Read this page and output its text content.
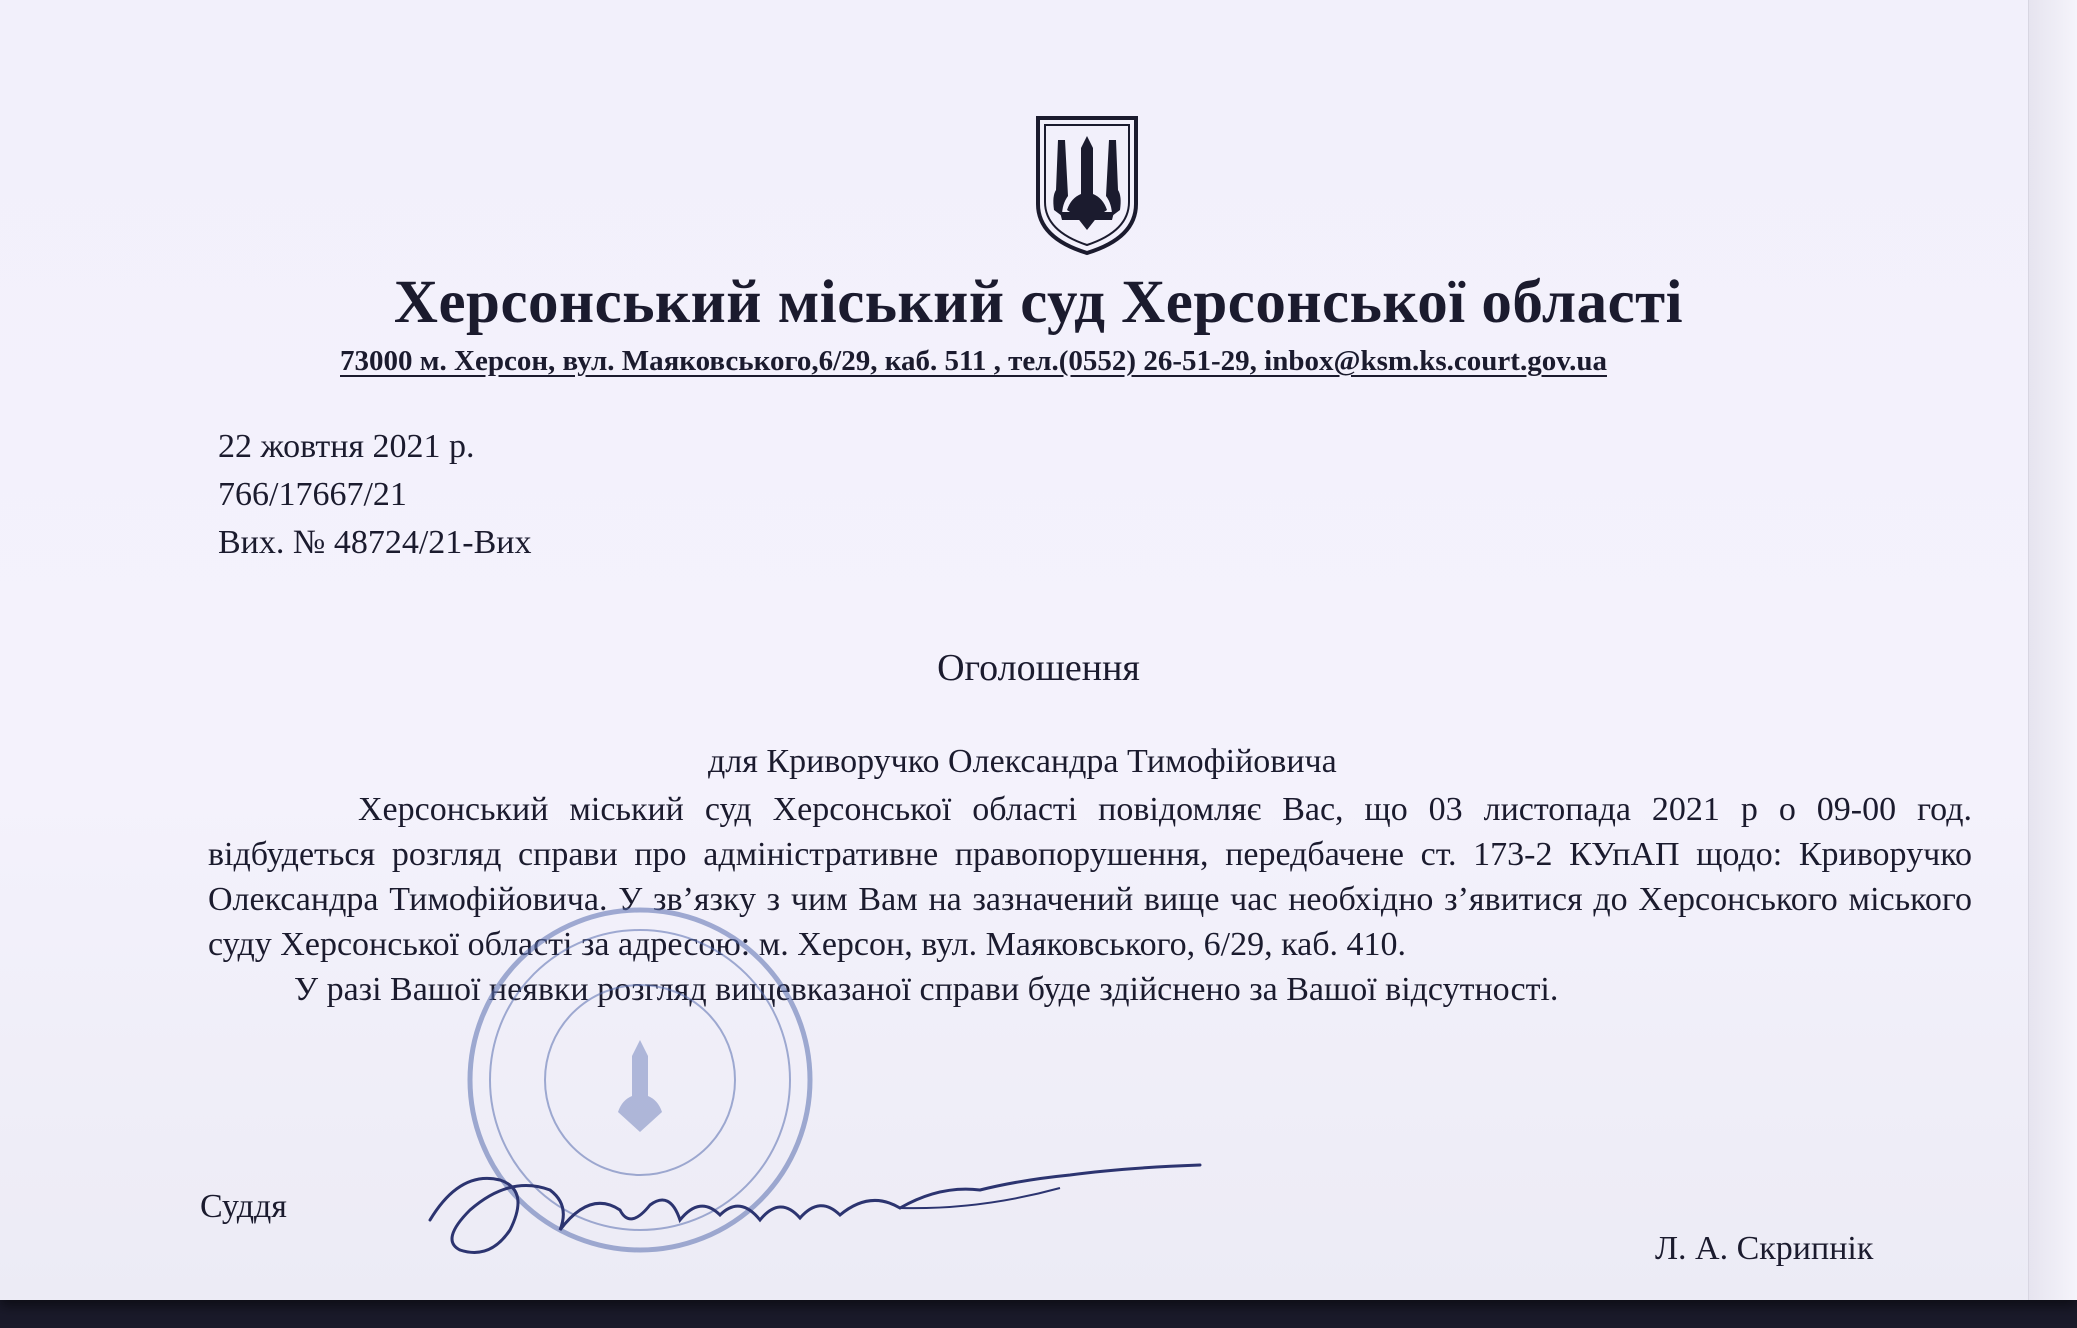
Херсонський міський суд Херсонської області
73000 м. Херсон, вул. Маяковського,6/29, каб. 511 , тел.(0552) 26-51-29, inbox@ksm.ks.court.gov.ua
22 жовтня 2021 р.
766/17667/21
Вих. № 48724/21-Вих
Оголошення
для Криворучко Олександра Тимофійовича

Херсонський міський суд Херсонської області повідомляє Вас, що 03 листопада 2021 р о 09-00 год. відбудеться розгляд справи про адміністративне правопорушення, передбачене ст. 173-2 КУпАП щодо: Криворучко Олександра Тимофійовича. У зв’язку з чим Вам на зазначений вище час необхідно з’явитися до Херсонського міського суду Херсонської області за адресою: м. Херсон, вул. Маяковського, 6/29, каб. 410.

У разі Вашої неявки розгляд вищевказаної справи буде здійснено за Вашої відсутності.

Суддя
Л. А. Скрипнік
